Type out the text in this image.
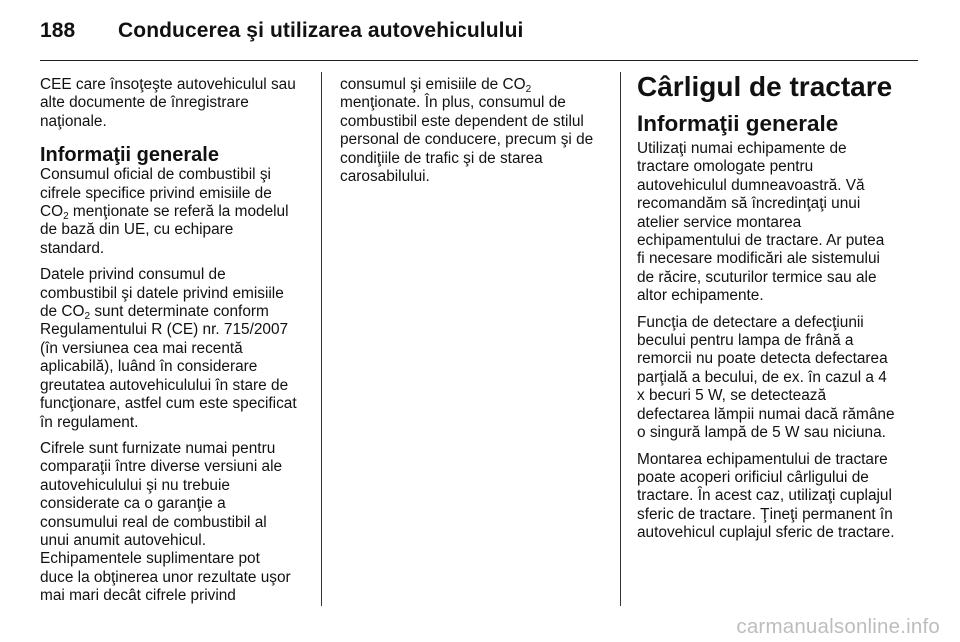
188	Conducerea şi utilizarea autovehiculului

CEE care însoţeşte autovehiculul sau
alte documente de înregistrare
naţionale.

Informaţii generale

Consumul oficial de combustibil şi
cifrele specifice privind emisiile de
$CO_2$ menţionate se referă la modelul
de bază din UE, cu echipare
standard.

Datele privind consumul de
combustibil şi datele privind emisiile
de $CO_2$ sunt determinate conform
Regulamentului R (CE) nr. 715/2007
(în versiunea cea mai recentă
aplicabilă), luând în considerare
greutatea autovehiculului în stare de
funcţionare, astfel cum este specificat
în regulament.

Cifrele sunt furnizate numai pentru
comparaţii între diverse versiuni ale
autovehiculului şi nu trebuie
considerate ca o garanţie a
consumului real de combustibil al
unui anumit autovehicul.
Echipamentele suplimentare pot
duce la obţinerea unor rezultate uşor
mai mari decât cifrele privind

consumul şi emisiile de $CO_2$
menţionate. În plus, consumul de
combustibil este dependent de stilul
personal de conducere, precum şi de
condiţiile de trafic şi de starea
carosabilului.

Cârligul de tractare
Informaţii generale

Utilizaţi numai echipamente de
tractare omologate pentru
autovehiculul dumneavoastră. Vă
recomandăm să încredinţaţi unui
atelier service montarea
echipamentului de tractare. Ar putea
fi necesare modificări ale sistemului
de răcire, scuturilor termice sau ale
altor echipamente.

Funcţia de detectare a defecţiunii
becului pentru lampa de frână a
remorcii nu poate detecta defectarea
parţială a becului, de ex. în cazul a 4
x becuri 5 W, se detectează
defectarea lămpii numai dacă rămâne
o singură lampă de 5 W sau niciuna.

Montarea echipamentului de tractare
poate acoperi orificiul cârligului de
tractare. În acest caz, utilizaţi cuplajul
sferic de tractare. Ţineţi permanent în
autovehicul cuplajul sferic de tractare.

carmanualsonline.info
